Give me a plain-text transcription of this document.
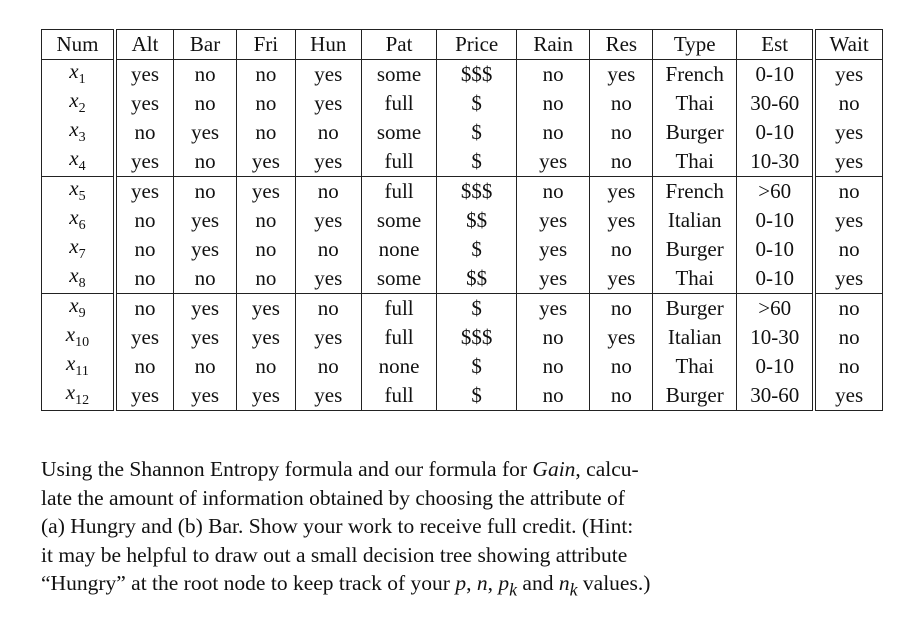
Num	Alt	Bar	Fri	Hun	Pat	Price	Rain	Res	Type	Est	Wait
$x_1$	yes	no	no	yes	some	$$$	no	yes	French	0-10	yes
$x_2$	yes	no	no	yes	full	$	no	no	Thai	30-60	no
$x_3$	no	yes	no	no	some	$	no	no	Burger	0-10	yes
$x_4$	yes	no	yes	yes	full	$	yes	no	Thai	10-30	yes
$x_5$	yes	no	yes	no	full	$$$	no	yes	French	>60	no
$x_6$	no	yes	no	yes	some	$$	yes	yes	Italian	0-10	yes
$x_7$	no	yes	no	no	none	$	yes	no	Burger	0-10	no
$x_8$	no	no	no	yes	some	$$	yes	yes	Thai	0-10	yes
$x_9$	no	yes	yes	no	full	$	yes	no	Burger	>60	no
$x_{10}$	yes	yes	yes	yes	full	$$$	no	yes	Italian	10-30	no
$x_{11}$	no	no	no	no	none	$	no	no	Thai	0-10	no
$x_{12}$	yes	yes	yes	yes	full	$	no	no	Burger	30-60	yes

Using the Shannon Entropy formula and our formula for Gain, calcu-
late the amount of information obtained by choosing the attribute of
(a) Hungry and (b) Bar. Show your work to receive full credit. (Hint:
it may be helpful to draw out a small decision tree showing attribute
“Hungry” at the root node to keep track of your p, n, $p_k$ and $n_k$ values.)
